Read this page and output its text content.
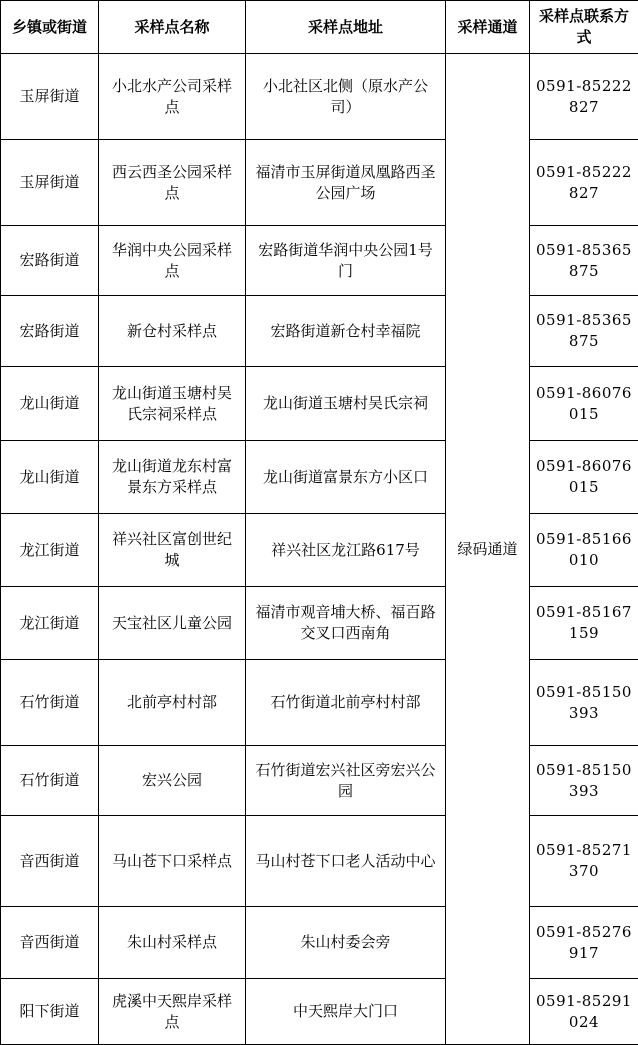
乡镇或街道	采样点名称	采样点地址	采样通道	采样点联系方式
玉屏街道	小北水产公司采样点	小北社区北侧（原水产公司）	绿码通道	0591-85222827
玉屏街道	西云西圣公园采样点	福清市玉屏街道凤凰路西圣公园广场		0591-85222827
宏路街道	华润中央公园采样点	宏路街道华润中央公园1号门		0591-85365875
宏路街道	新仓村采样点	宏路街道新仓村幸福院		0591-85365875
龙山街道	龙山街道玉塘村吴氏宗祠采样点	龙山街道玉塘村吴氏宗祠		0591-86076015
龙山街道	龙山街道龙东村富景东方采样点	龙山街道富景东方小区口		0591-86076015
龙江街道	祥兴社区富创世纪城	祥兴社区龙江路617号		0591-85166010
龙江街道	天宝社区儿童公园	福清市观音埔大桥、福百路交叉口西南角		0591-85167159
石竹街道	北前亭村村部	石竹街道北前亭村村部		0591-85150393
石竹街道	宏兴公园	石竹街道宏兴社区旁宏兴公园		0591-85150393
音西街道	马山苍下口采样点	马山村苍下口老人活动中心		0591-85271370
音西街道	朱山村采样点	朱山村委会旁		0591-85276917
阳下街道	虎溪中天熙岸采样点	中天熙岸大门口		0591-85291024
